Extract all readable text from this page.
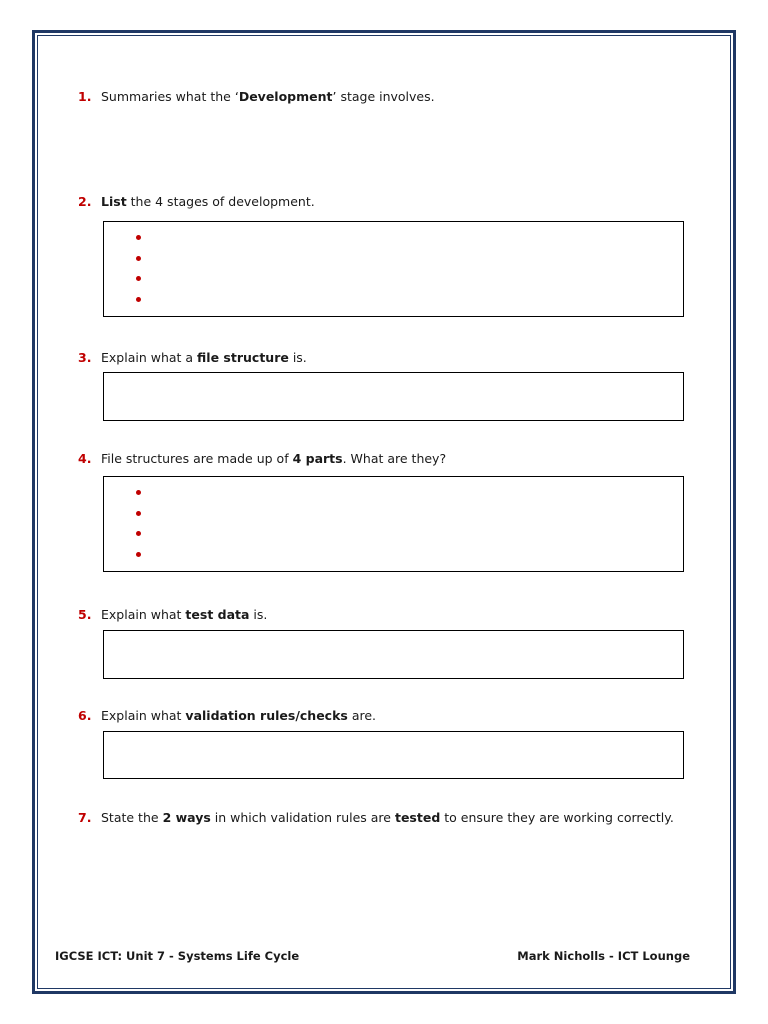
1. Summaries what the ‘Development’ stage involves.
2. List the 4 stages of development.
3. Explain what a file structure is.
4. File structures are made up of 4 parts. What are they?
5. Explain what test data is.
6. Explain what validation rules/checks are.
7. State the 2 ways in which validation rules are tested to ensure they are working correctly.
IGCSE ICT: Unit 7 - Systems Life Cycle	Mark Nicholls - ICT Lounge
